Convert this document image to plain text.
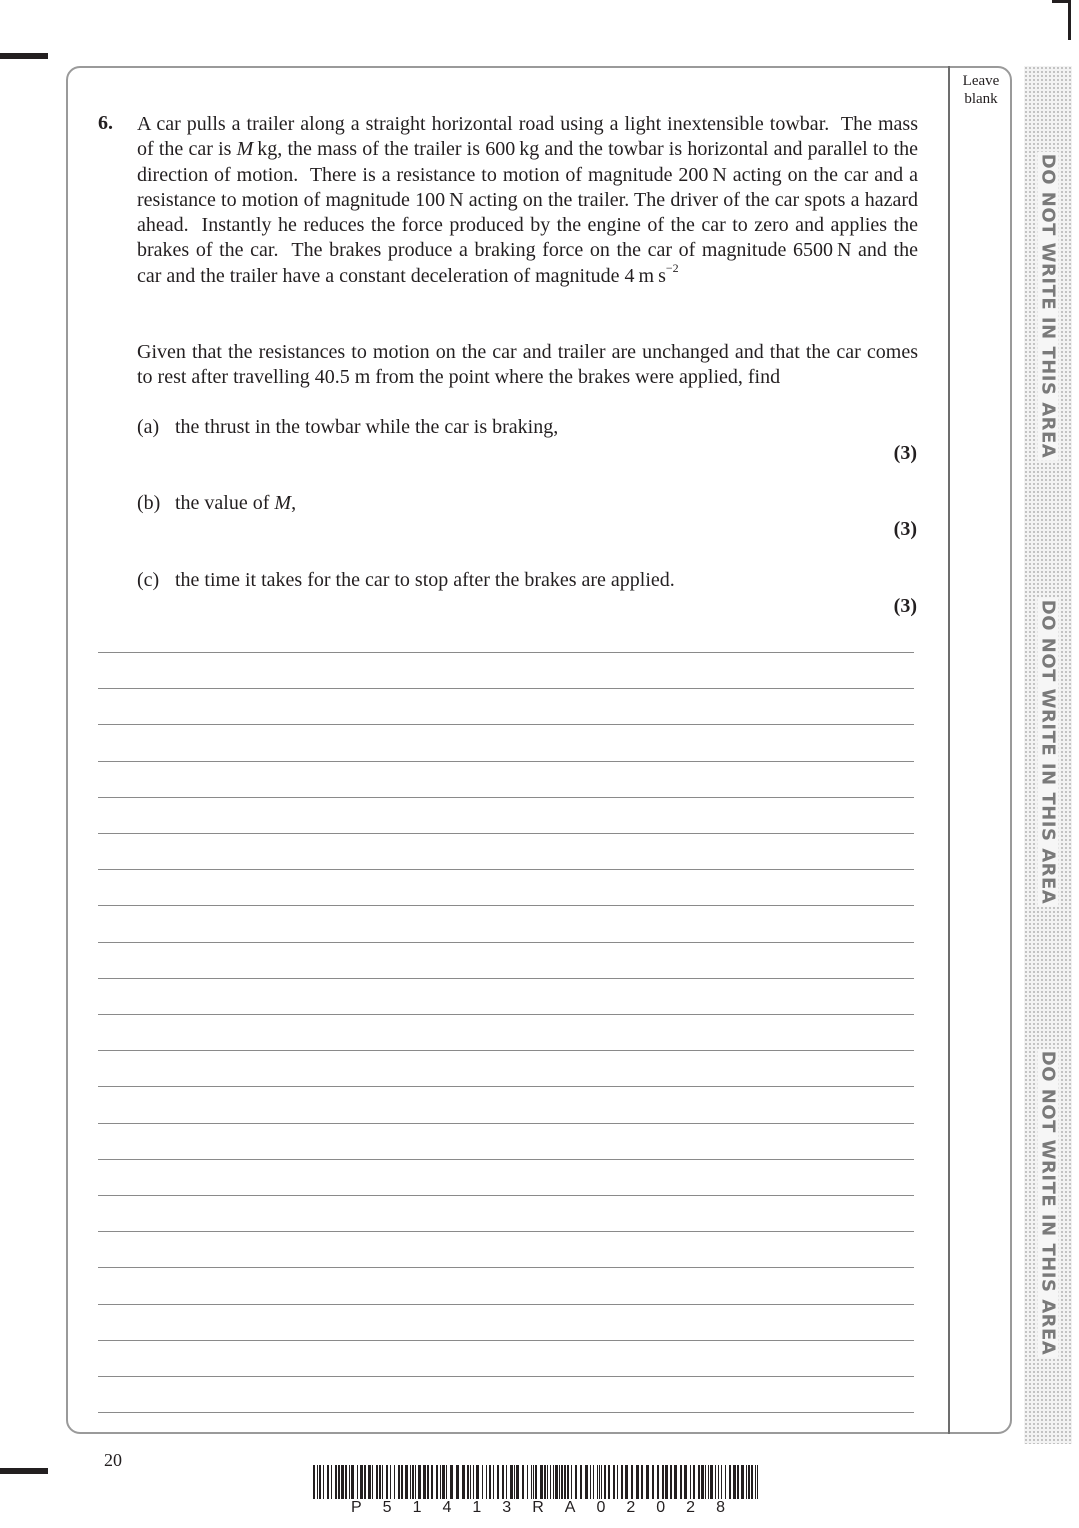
Leave blank
6. A car pulls a trailer along a straight horizontal road using a light inextensible towbar.  The mass of the car is M kg, the mass of the trailer is 600 kg and the towbar is horizontal and parallel to the direction of motion.  There is a resistance to motion of magnitude 200 N acting on the car and a resistance to motion of magnitude 100 N acting on the trailer. The driver of the car spots a hazard ahead.  Instantly he reduces the force produced by the engine of the car to zero and applies the brakes of the car.  The brakes produce a braking force on the car of magnitude 6500 N and the car and the trailer have a constant deceleration of magnitude 4 m $s^{-2}$

Given that the resistances to motion on the car and trailer are unchanged and that the car comes to rest after travelling 40.5 m from the point where the brakes were applied, find

(a) the thrust in the towbar while the car is braking,
(3)
(b) the value of M,
(3)
(c) the time it takes for the car to stop after the brakes are applied.
(3)
DO NOT WRITE IN THIS AREA
DO NOT WRITE IN THIS AREA
DO NOT WRITE IN THIS AREA
20
P 5 1 4 1 3 R A 0 2 0 2 8
